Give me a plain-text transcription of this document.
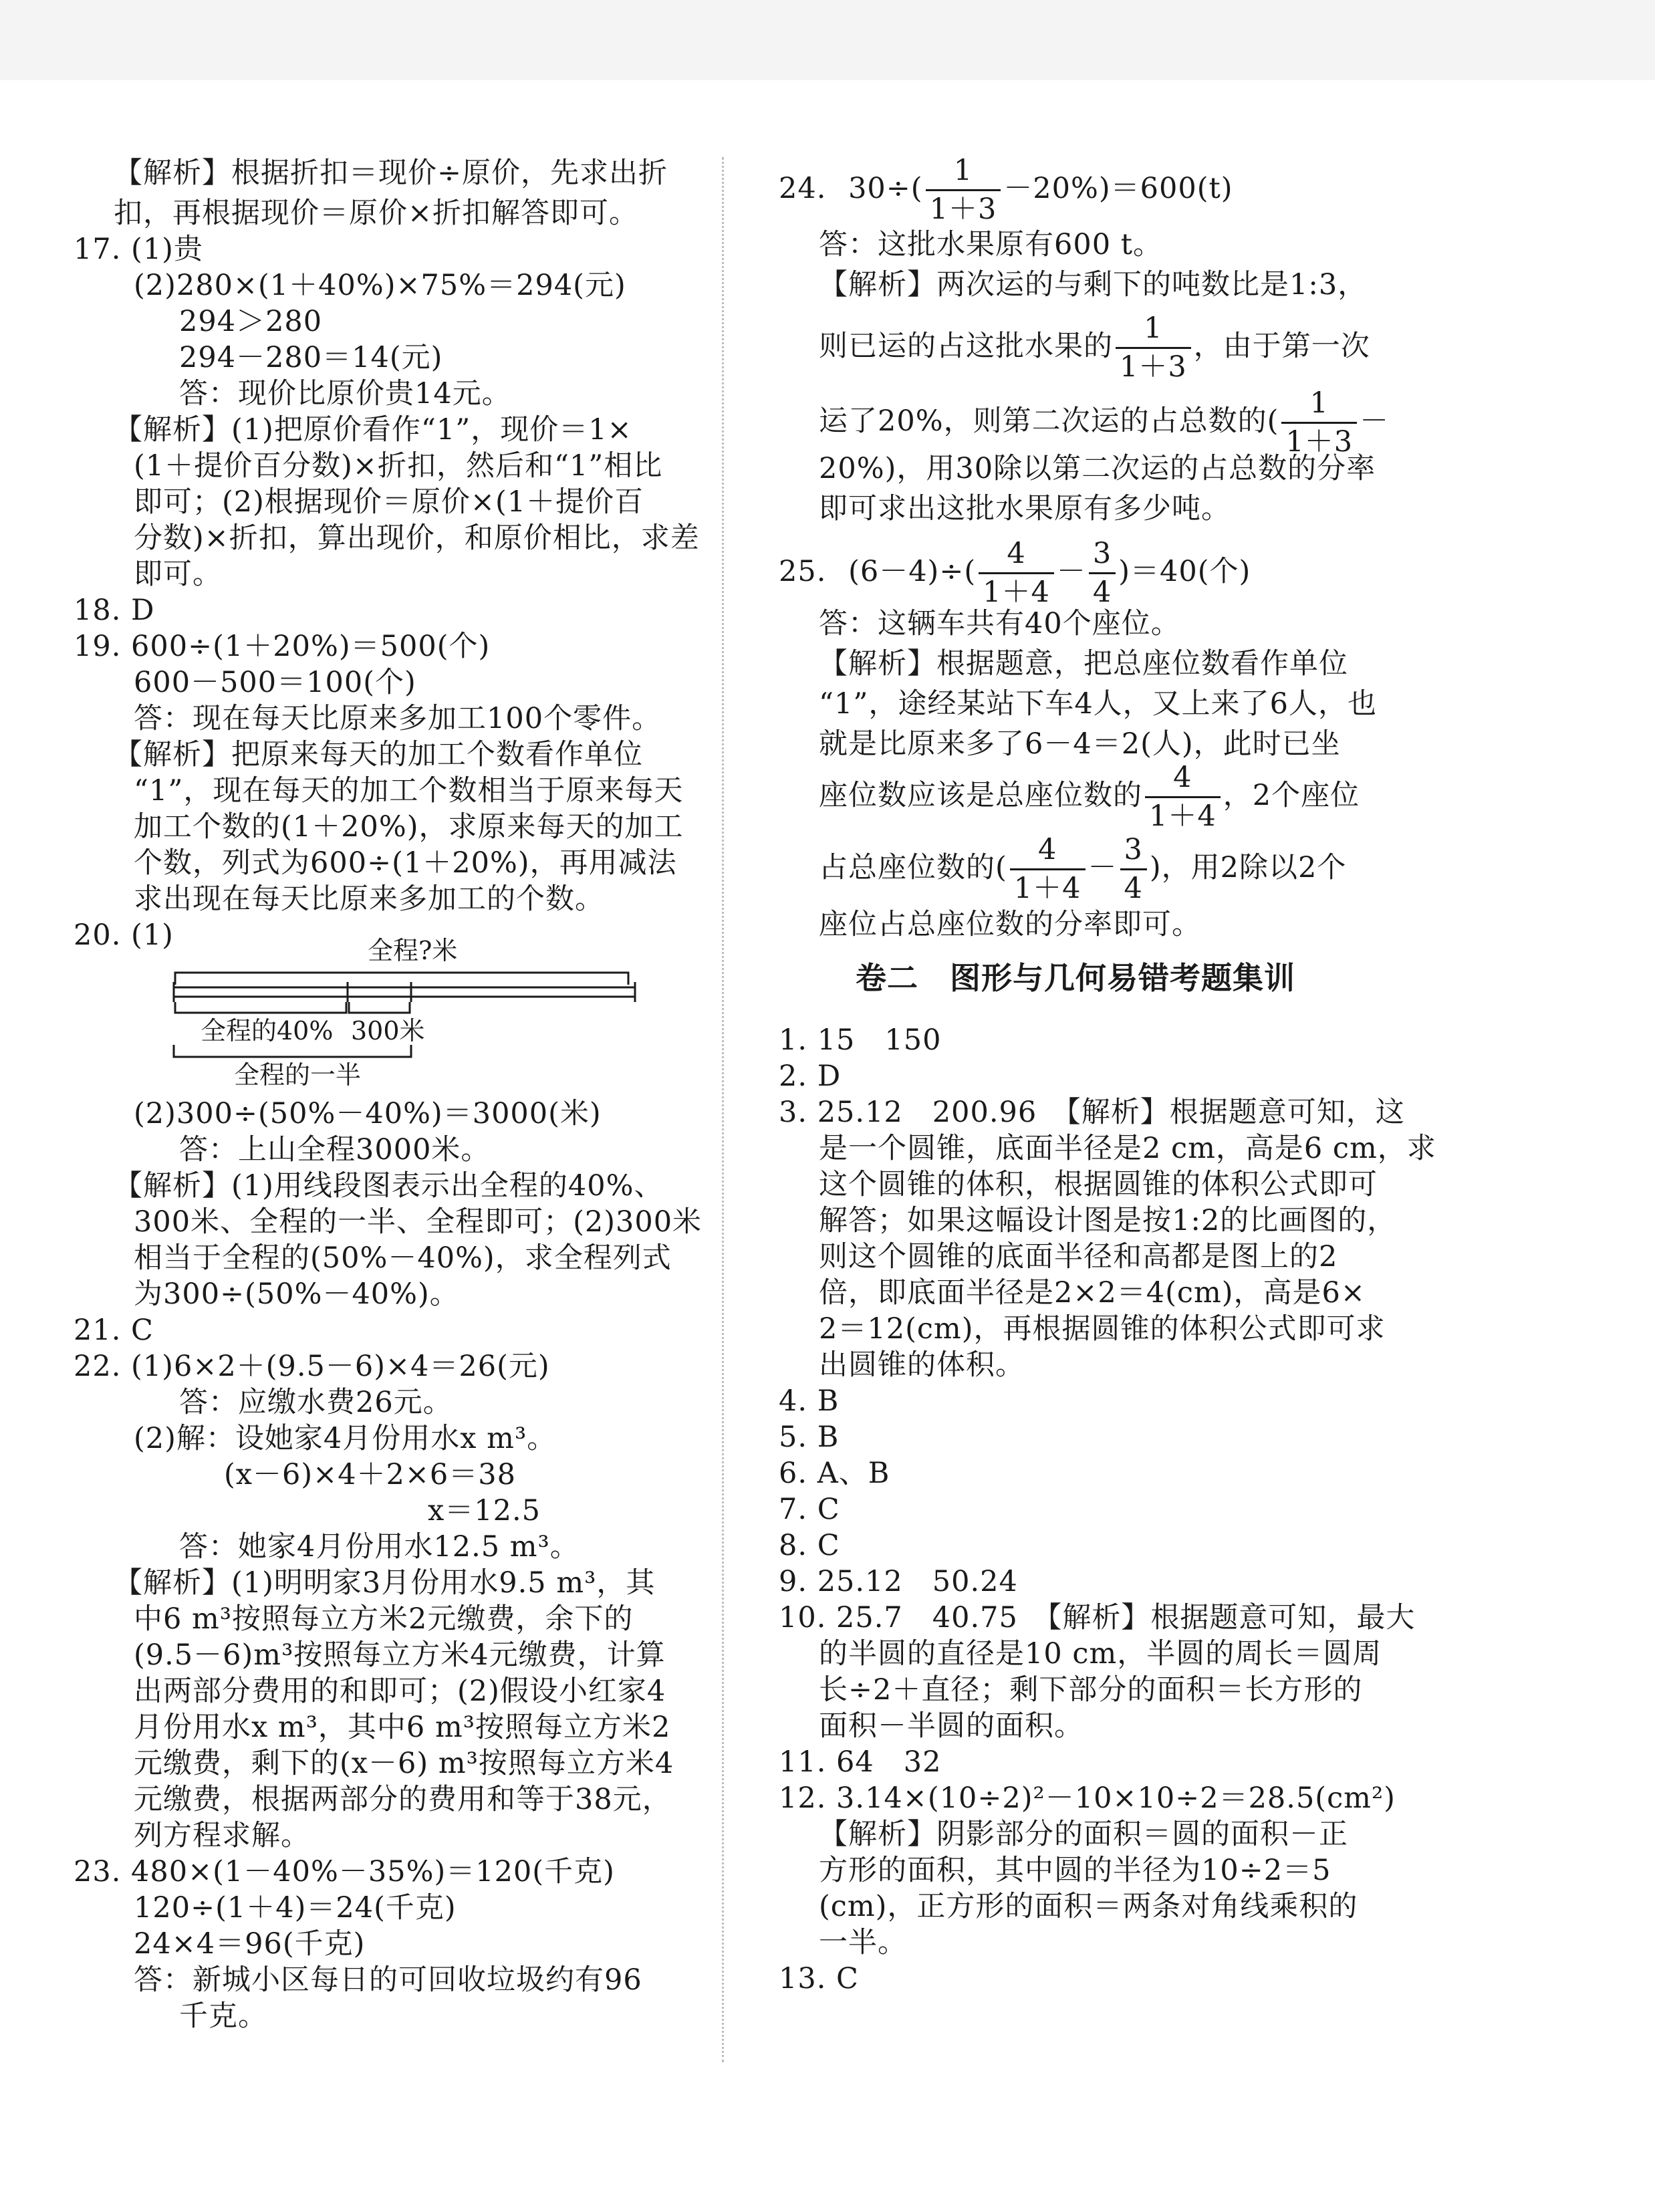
【解析】根据折扣＝现价÷原价，先求出折
扣，再根据现价＝原价×折扣解答即可。
17. (1)贵
(2)280×(1＋40%)×75%＝294(元)
294＞280
294－280＝14(元)
答：现价比原价贵14元。
【解析】(1)把原价看作“1”，现价＝1×
(1＋提价百分数)×折扣，然后和“1”相比
即可；(2)根据现价＝原价×(1＋提价百
分数)×折扣，算出现价，和原价相比，求差
即可。
18. D
19. 600÷(1＋20%)＝500(个)
600－500＝100(个)
答：现在每天比原来多加工100个零件。
【解析】把原来每天的加工个数看作单位
“1”，现在每天的加工个数相当于原来每天
加工个数的(1＋20%)，求原来每天的加工
个数，列式为600÷(1＋20%)，再用减法
求出现在每天比原来多加工的个数。
20. (1)
(2)300÷(50%－40%)＝3000(米)
答：上山全程3000米。
【解析】(1)用线段图表示出全程的40%、
300米、全程的一半、全程即可；(2)300米
相当于全程的(50%－40%)，求全程列式
为300÷(50%－40%)。
21. C
22. (1)6×2＋(9.5－6)×4＝26(元)
答：应缴水费26元。
(2)解：设她家4月份用水x m³。
(x－6)×4＋2×6＝38
x＝12.5
答：她家4月份用水12.5 m³。
【解析】(1)明明家3月份用水9.5 m³，其
中6 m³按照每立方米2元缴费，余下的
(9.5－6)m³按照每立方米4元缴费，计算
出两部分费用的和即可；(2)假设小红家4
月份用水x m³，其中6 m³按照每立方米2
元缴费，剩下的(x－6) m³按照每立方米4
元缴费，根据两部分的费用和等于38元，
列方程求解。
23. 480×(1－40%－35%)＝120(千克)
120÷(1＋4)＝24(千克)
24×4＝96(千克)
答：新城小区每日的可回收垃圾约有96
千克。
全程?米
全程的40% 300米
全程的一半
24. $30\div( \frac{1}{1+3} -20\%)=600(t)$
答：这批水果原有600 t。
【解析】两次运的与剩下的吨数比是1:3，
则已运的占这批水果的 $\frac{1}{1+3}$ ，由于第一次
运了20%，则第二次运的占总数的( $\frac{1}{1+3}$ －
20%)，用30除以第二次运的占总数的分率
即可求出这批水果原有多少吨。
25. $(6-4)\div( \frac{4}{1+4} - \frac{3}{4} )=40$(个)
答：这辆车共有40个座位。
【解析】根据题意，把总座位数看作单位
“1”，途经某站下车4人，又上来了6人，也
就是比原来多了6－4＝2(人)，此时已坐
座位数应该是总座位数的 $\frac{4}{1+4}$ ，2个座位
占总座位数的( $\frac{4}{1+4} - \frac{3}{4}$ )，用2除以2个
座位占总座位数的分率即可。
卷二　图形与几何易错考题集训
1. 15　150
2. D
3. 25.12　200.96　【解析】根据题意可知，这
是一个圆锥，底面半径是2 cm，高是6 cm，求
这个圆锥的体积，根据圆锥的体积公式即可
解答；如果这幅设计图是按1:2的比画图的，
则这个圆锥的底面半径和高都是图上的2
倍，即底面半径是2×2＝4(cm)，高是6×
2＝12(cm)，再根据圆锥的体积公式即可求
出圆锥的体积。
4. B
5. B
6. A、B
7. C
8. C
9. 25.12　50.24
10. 25.7　40.75　【解析】根据题意可知，最大
的半圆的直径是10 cm，半圆的周长＝圆周
长÷2＋直径；剩下部分的面积＝长方形的
面积－半圆的面积。
11. 64　32
12. 3.14×(10÷2)²－10×10÷2＝28.5(cm²)
【解析】阴影部分的面积＝圆的面积－正
方形的面积，其中圆的半径为10÷2＝5
(cm)，正方形的面积＝两条对角线乘积的
一半。
13. C
